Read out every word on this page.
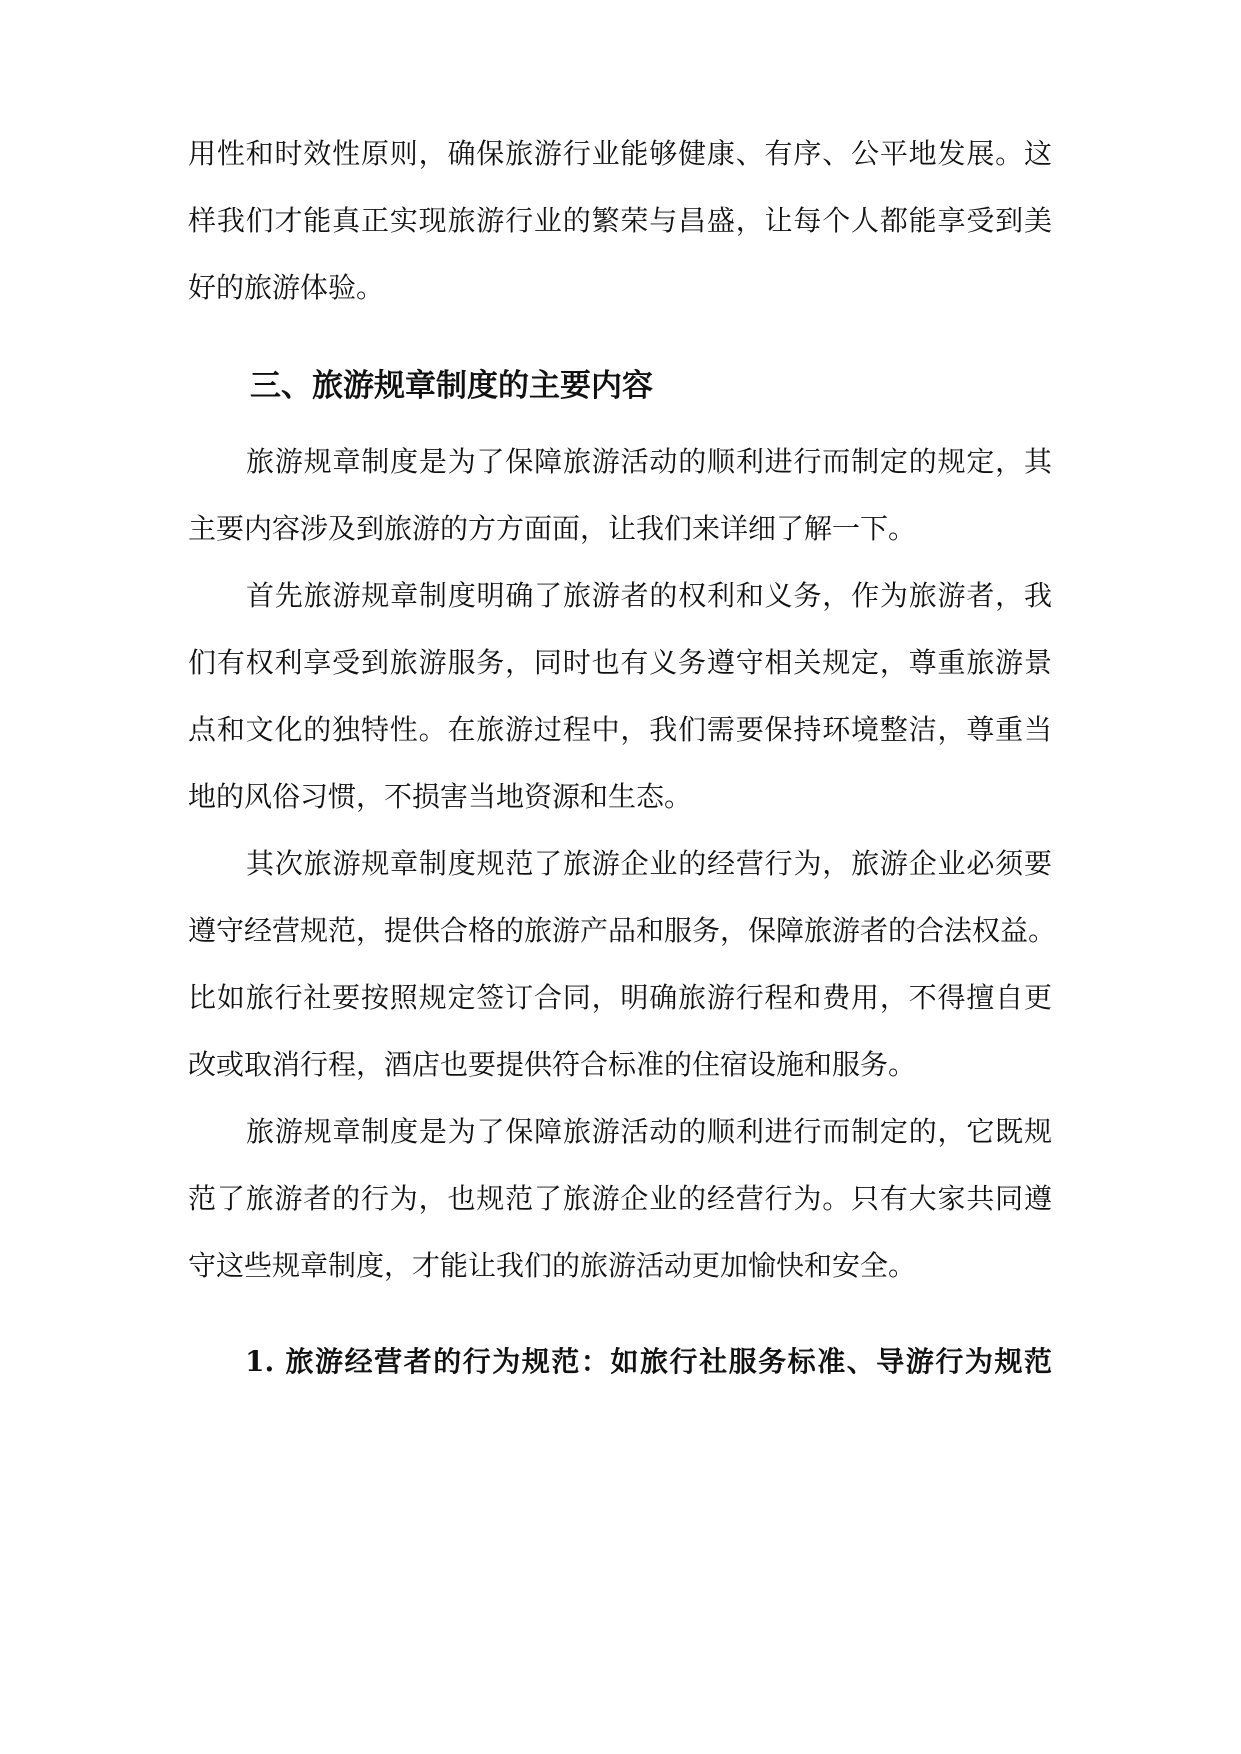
用性和时效性原则，确保旅游行业能够健康、有序、公平地发展。这
样我们才能真正实现旅游行业的繁荣与昌盛，让每个人都能享受到美
好的旅游体验。
三、旅游规章制度的主要内容
旅游规章制度是为了保障旅游活动的顺利进行而制定的规定，其
主要内容涉及到旅游的方方面面，让我们来详细了解一下。
首先旅游规章制度明确了旅游者的权利和义务，作为旅游者，我
们有权利享受到旅游服务，同时也有义务遵守相关规定，尊重旅游景
点和文化的独特性。在旅游过程中，我们需要保持环境整洁，尊重当
地的风俗习惯，不损害当地资源和生态。
其次旅游规章制度规范了旅游企业的经营行为，旅游企业必须要
遵守经营规范，提供合格的旅游产品和服务，保障旅游者的合法权益。
比如旅行社要按照规定签订合同，明确旅游行程和费用，不得擅自更
改或取消行程，酒店也要提供符合标准的住宿设施和服务。
旅游规章制度是为了保障旅游活动的顺利进行而制定的，它既规
范了旅游者的行为，也规范了旅游企业的经营行为。只有大家共同遵
守这些规章制度，才能让我们的旅游活动更加愉快和安全。
1. 旅游经营者的行为规范：如旅行社服务标准、导游行为规范
